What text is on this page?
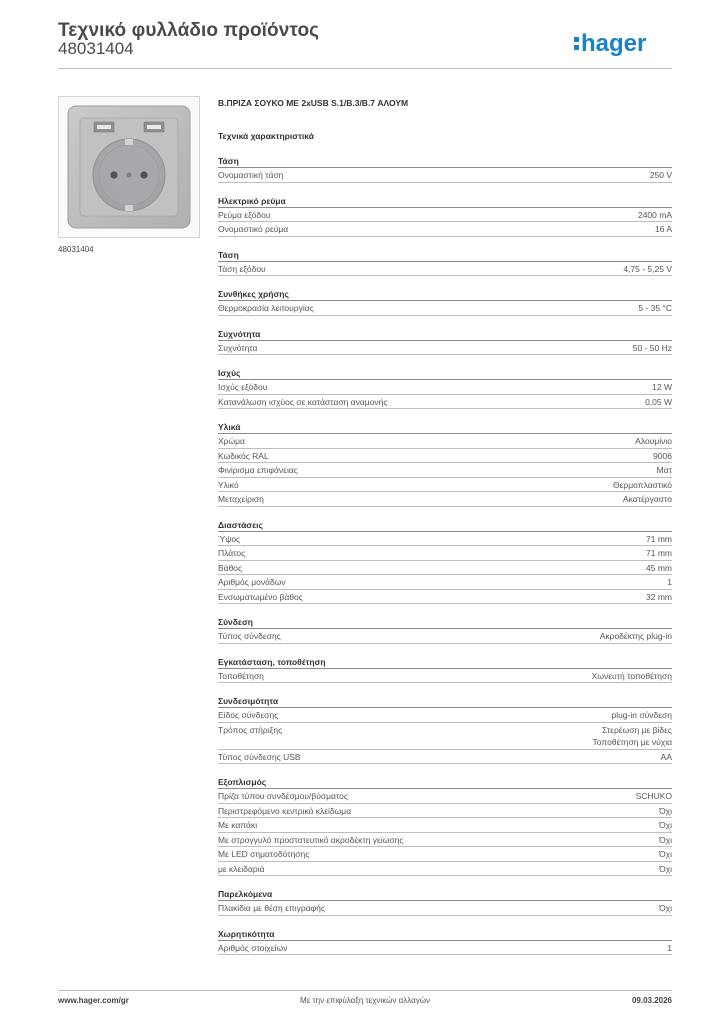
Τεχνικό φυλλάδιο προϊόντος
48031404	hager
48031404
Β.ΠΡΙΖΑ ΣΟΥΚΟ ΜΕ 2xUSB S.1/B.3/B.7 ΑΛΟΥΜ
Τεχνικά χαρακτηριστικά
Τάση
Ονομαστική τάση	250 V
Ηλεκτρικό ρεύμα
Ρεύμα εξόδου	2400 mA
Ονομαστικό ρεύμα	16 A
Τάση
Τάση εξόδου	4,75 - 5,25 V
Συνθήκες χρήσης
Θερμοκρασία λειτουργίας	5 - 35 °C
Συχνότητα
Συχνότητα	50 - 50 Hz
Ισχύς
Ισχύς εξόδου	12 W
Κατανάλωση ισχύος σε κατάσταση αναμονής	0,05 W
Υλικά
Χρώμα	Αλουμίνιο
Κωδικός RAL	9006
Φινίρισμα επιφάνειας	Ματ
Υλικό	Θερμοπλαστικό
Μεταχείριση	Ακατέργαστο
Διαστάσεις
Ύψος	71 mm
Πλάτος	71 mm
Βάθος	45 mm
Αριθμός μονάδων	1
Ενσωματωμένο βάθος	32 mm
Σύνδεση
Τύπος σύνδεσης	Ακροδέκτης plug-in
Εγκατάσταση, τοποθέτηση
Τοποθέτηση	Χωνευτή τοποθέτηση
Συνδεσιμότητα
Είδος σύνδεσης	plug-in σύνδεση
Τρόπος στήριξης	Στερέωση με βίδες
Τοποθέτηση με νύχια
Τύπος σύνδεσης USB	AA
Εξοπλισμός
Πρίζα τύπου συνδέσμου/βύσματος	SCHUKO
Περιστρεφόμενο κεντρικό κλείδωμα	Όχι
Με καπάκι	Όχι
Με στρογγυλό προστατευτικό ακροδέκτη γείωσης	Όχι
Με LED σηματοδότησης	Όχι
με κλειδαριά	Όχι
Παρελκόμενα
Πλακίδια με θέση επιγραφής	Όχι
Χωρητικότητα
Αριθμός στοιχείων	1
www.hager.com/gr	Με την επιφύλαξη τεχνικών αλλαγών	09.03.2026
